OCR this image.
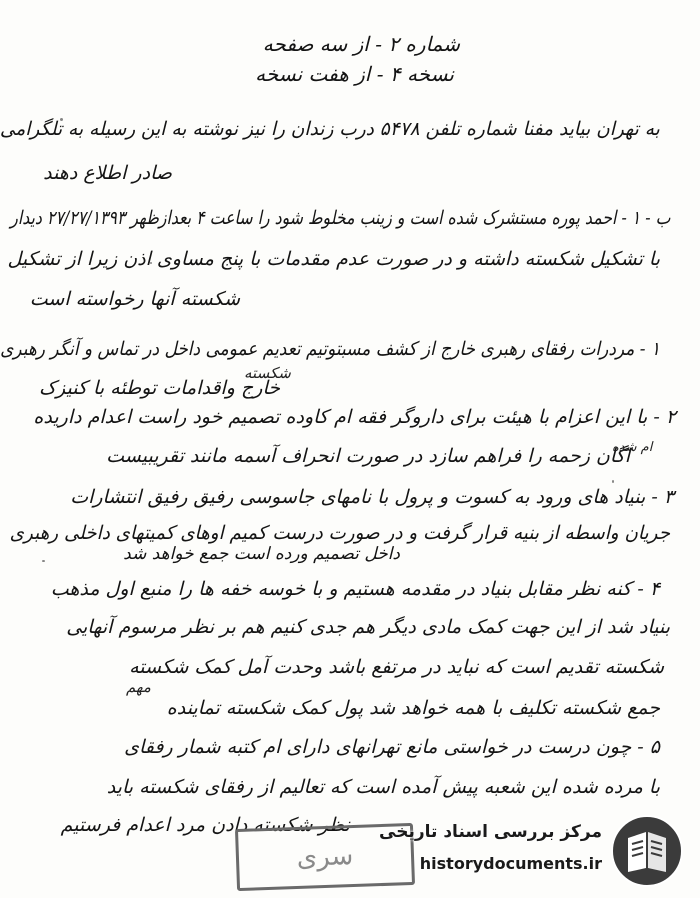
شماره ۲ - از سه صفحه
نسخه ۴ - از هفت نسخه
به تهران بیاید مفنا شماره تلفن ۵۴۷۸ درب زندان را نیز نوشته به این رسیله به تلگرامی
صادر اطلاع دهند
ب - ۱ - احمد پوره مستشرک شده است و زینب مخلوط شود را ساعت ۴ بعدازظهر ۲۷/۲۷/۱۳۹۳ دیدار
با تشکیل شکسته داشته و در صورت عدم مقدمات با پنج مساوی اذن زیرا از تشکیل
شکسته آنها رخواسته است
۱ - مردرات رفقای رهبری خارج از کشف مسبتوتیم تعدیم عمومی داخل در تماس و آنگر رهبری
خارج واقدامات توطئه با کنیزک
شکسته
۲ - با این اعزام با هیئت برای داروگر فقه ام کاوده تصمیم خود راست اعدام داریده
اگان زحمه را فراهم سازد در صورت انحراف آسمه مانند تقریبیست
۳ - بنیاد های ورود به کسوت و پرول با نامهای جاسوسی رفیق رفیق انتشارات
جریان واسطه از بنیه قرار گرفت و در صورت درست کمیم اوهای کمیتهای داخلی رهبری
داخل تصمیم ورده است جمع خواهد شد
۴ - کنه نظر مقابل بنیاد در مقدمه هستیم و با خوسه خفه ها را منبع اول مذهب
بنیاد شد از این جهت کمک مادی دیگر هم جدی کنیم هم بر نظر مرسوم آنهایی
شکسته تقدیم است که نباید در مرتفع باشد وحدت آمل کمک شکسته
مهم
جمع شکسته تکلیف با همه خواهد شد پول کمک شکسته تماینده
۵ - چون درست در خواستی مانع تهرانهای دارای ام کتبه شمار رفقای
با مرده شده این شعبه پیش آمده است که تعالیم از رفقای شکسته باید
نظر شکسته دادن مرد اعدام فرستیم
ام شده
سری
مرکز بررسی اسناد تاریخی
historydocuments.ir
